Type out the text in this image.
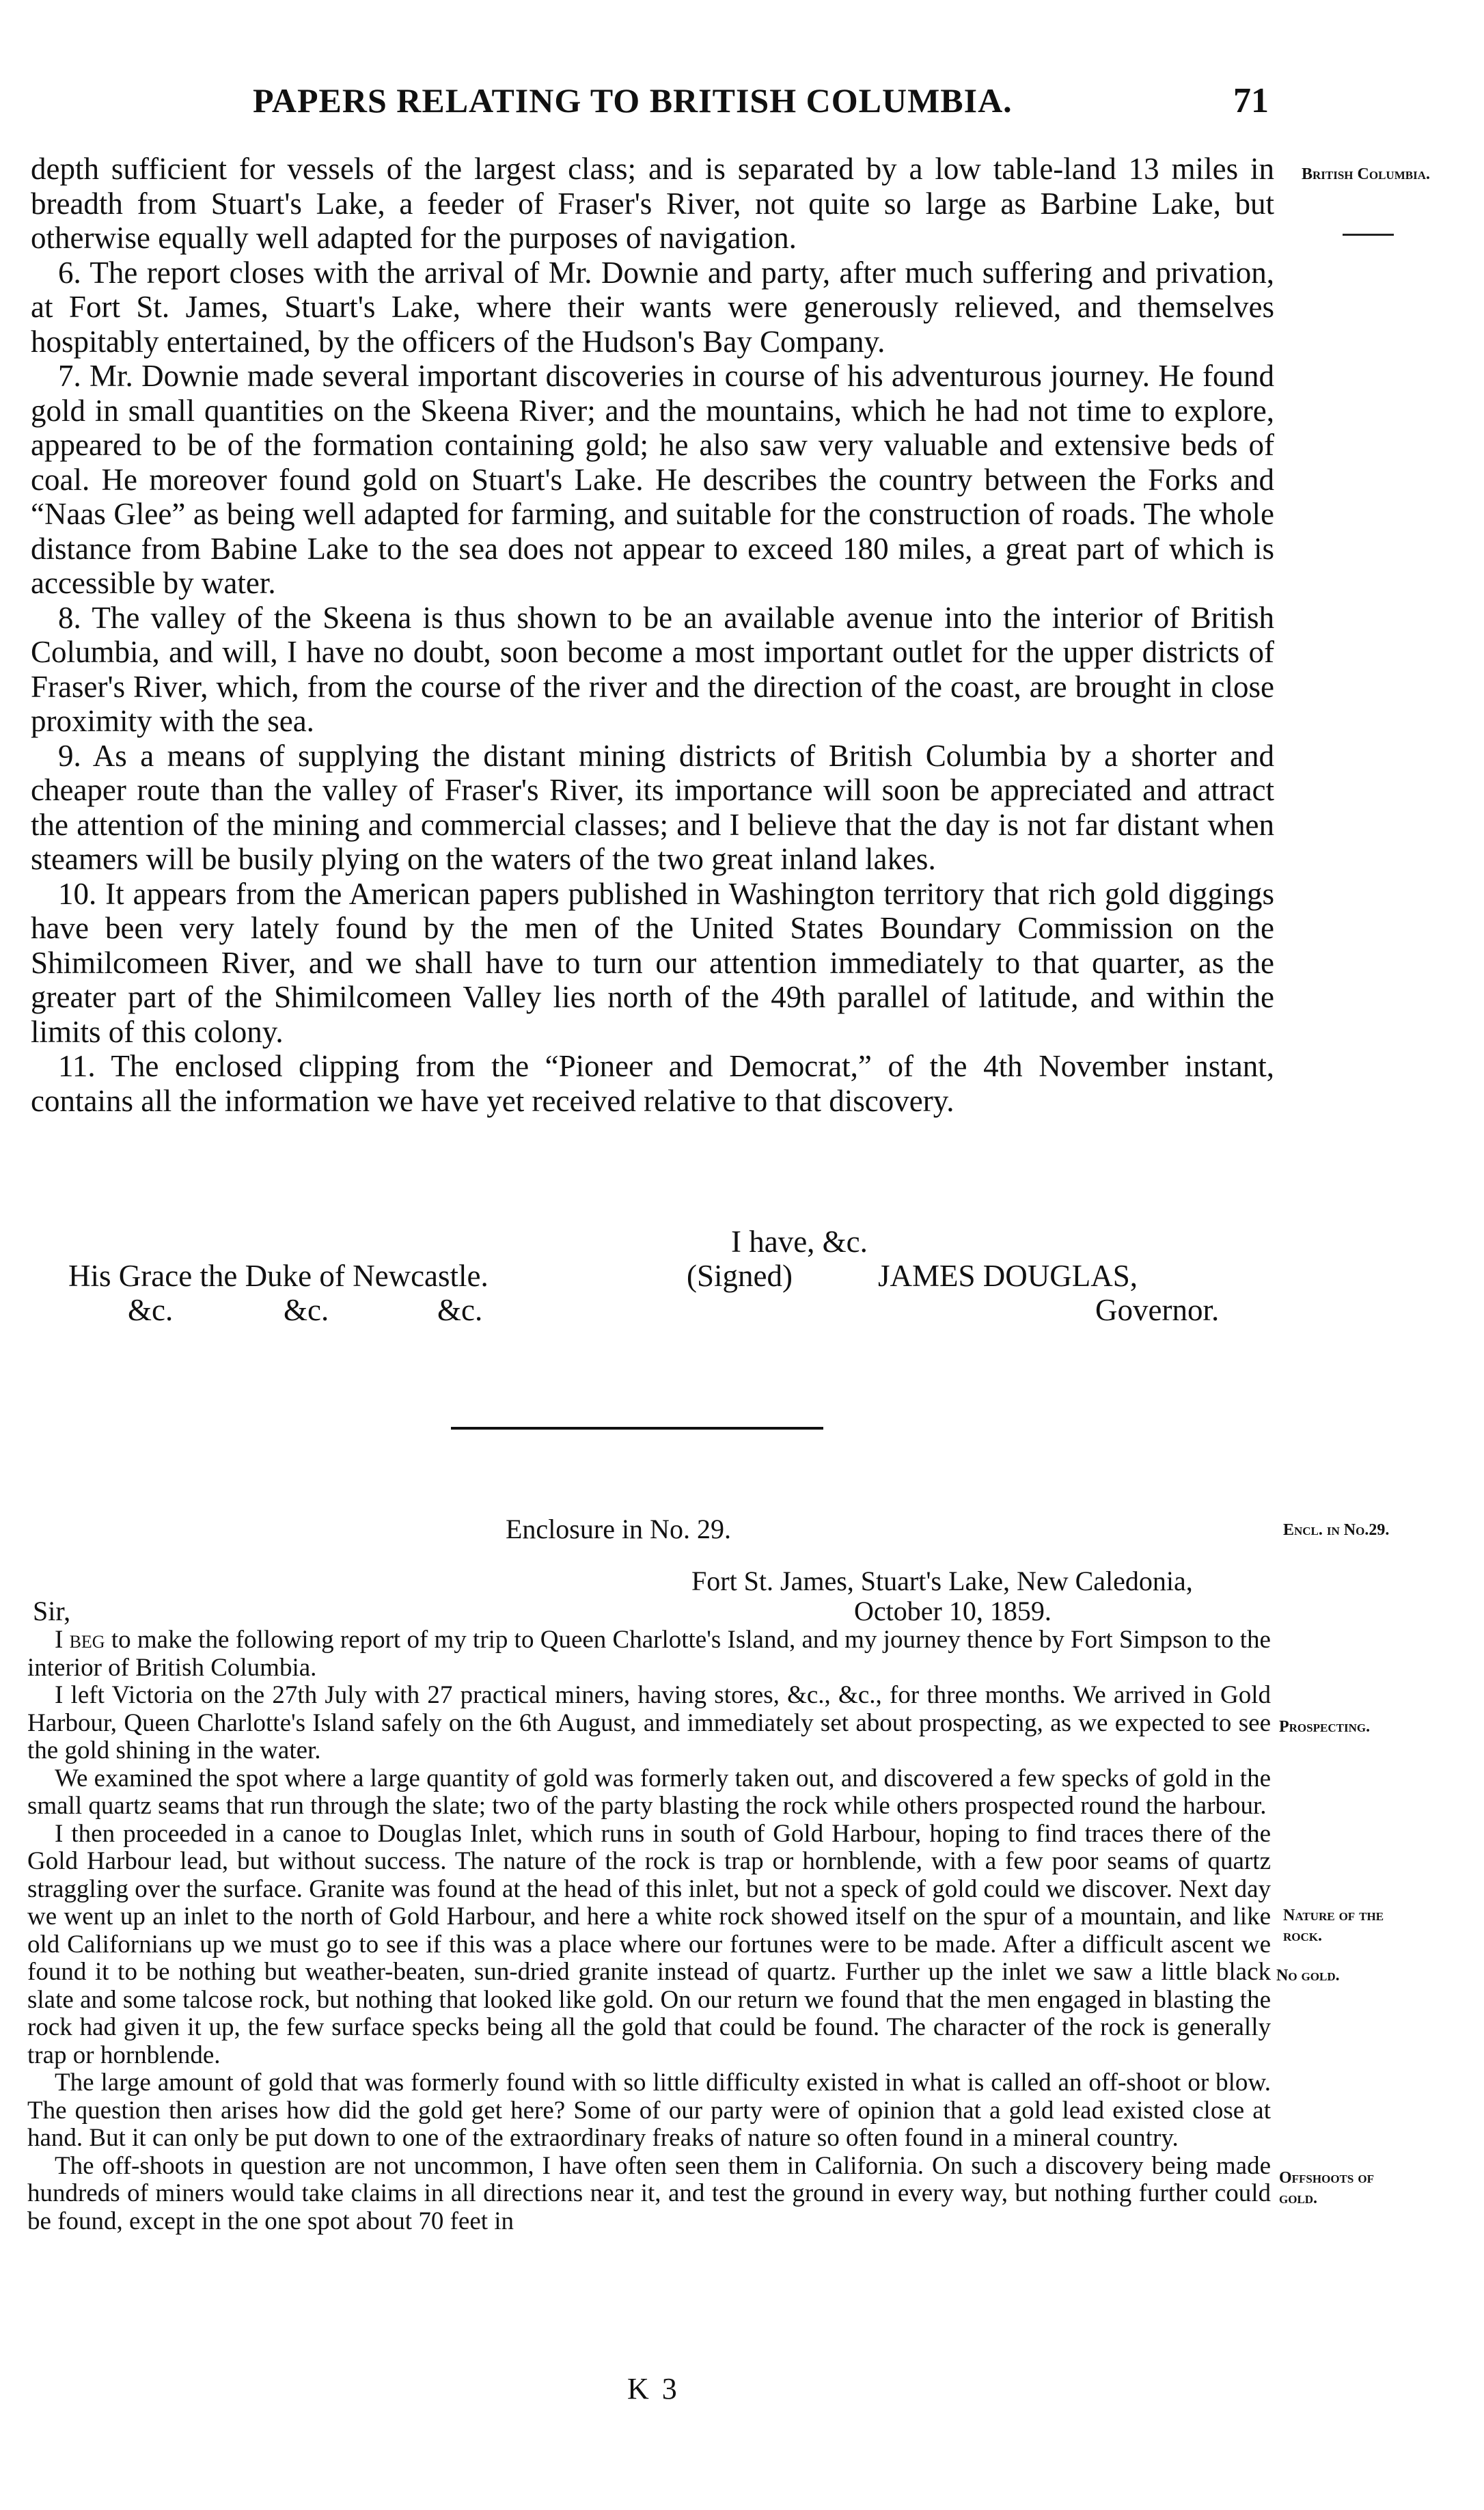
PAPERS RELATING TO BRITISH COLUMBIA.	71
British Columbia.

depth sufficient for vessels of the largest class; and is separated by a low table-land 13 miles in breadth from Stuart's Lake, a feeder of Fraser's River, not quite so large as Barbine Lake, but otherwise equally well adapted for the purposes of navigation.

6. The report closes with the arrival of Mr. Downie and party, after much suffering and privation, at Fort St. James, Stuart's Lake, where their wants were generously relieved, and themselves hospitably entertained, by the officers of the Hudson's Bay Company.

7. Mr. Downie made several important discoveries in course of his adventurous journey. He found gold in small quantities on the Skeena River; and the mountains, which he had not time to explore, appeared to be of the formation containing gold; he also saw very valuable and extensive beds of coal. He moreover found gold on Stuart's Lake. He describes the country between the Forks and “Naas Glee” as being well adapted for farming, and suitable for the construction of roads. The whole distance from Babine Lake to the sea does not appear to exceed 180 miles, a great part of which is accessible by water.

8. The valley of the Skeena is thus shown to be an available avenue into the interior of British Columbia, and will, I have no doubt, soon become a most important outlet for the upper districts of Fraser's River, which, from the course of the river and the direction of the coast, are brought in close proximity with the sea.

9. As a means of supplying the distant mining districts of British Columbia by a shorter and cheaper route than the valley of Fraser's River, its importance will soon be appreciated and attract the attention of the mining and commercial classes; and I believe that the day is not far distant when steamers will be busily plying on the waters of the two great inland lakes.

10. It appears from the American papers published in Washington territory that rich gold diggings have been very lately found by the men of the United States Boundary Commission on the Shimilcomeen River, and we shall have to turn our attention immediately to that quarter, as the greater part of the Shimilcomeen Valley lies north of the 49th parallel of latitude, and within the limits of this colony.

11. The enclosed clipping from the “Pioneer and Democrat,” of the 4th November instant, contains all the information we have yet received relative to that discovery.

I have, &c.
His Grace the Duke of Newcastle.	(Signed)	JAMES DOUGLAS,
&c.	&c.	&c.	Governor.
Enclosure in No. 29.	Encl. in No.29.
Fort St. James, Stuart's Lake, New Caledonia,
Sir,	October 10, 1859.

I beg to make the following report of my trip to Queen Charlotte's Island, and my journey thence by Fort Simpson to the interior of British Columbia.

I left Victoria on the 27th July with 27 practical miners, having stores, &c., &c., for three months. We arrived in Gold Harbour, Queen Charlotte's Island safely on the 6th August, and immediately set about prospecting, as we expected to see the gold shining in the water.

We examined the spot where a large quantity of gold was formerly taken out, and discovered a few specks of gold in the small quartz seams that run through the slate; two of the party blasting the rock while others prospected round the harbour.

I then proceeded in a canoe to Douglas Inlet, which runs in south of Gold Harbour, hoping to find traces there of the Gold Harbour lead, but without success. The nature of the rock is trap or hornblende, with a few poor seams of quartz straggling over the surface. Granite was found at the head of this inlet, but not a speck of gold could we discover. Next day we went up an inlet to the north of Gold Harbour, and here a white rock showed itself on the spur of a mountain, and like old Californians up we must go to see if this was a place where our fortunes were to be made. After a difficult ascent we found it to be nothing but weather-beaten, sun-dried granite instead of quartz. Further up the inlet we saw a little black slate and some talcose rock, but nothing that looked like gold. On our return we found that the men engaged in blasting the rock had given it up, the few surface specks being all the gold that could be found. The character of the rock is generally trap or hornblende.

The large amount of gold that was formerly found with so little difficulty existed in what is called an off-shoot or blow. The question then arises how did the gold get here? Some of our party were of opinion that a gold lead existed close at hand. But it can only be put down to one of the extraordinary freaks of nature so often found in a mineral country.

The off-shoots in question are not uncommon, I have often seen them in California. On such a discovery being made hundreds of miners would take claims in all directions near it, and test the ground in every way, but nothing further could be found, except in the one spot about 70 feet in

Prospecting.
Nature of the rock.
No gold.
Offshoots of gold.
K 3
